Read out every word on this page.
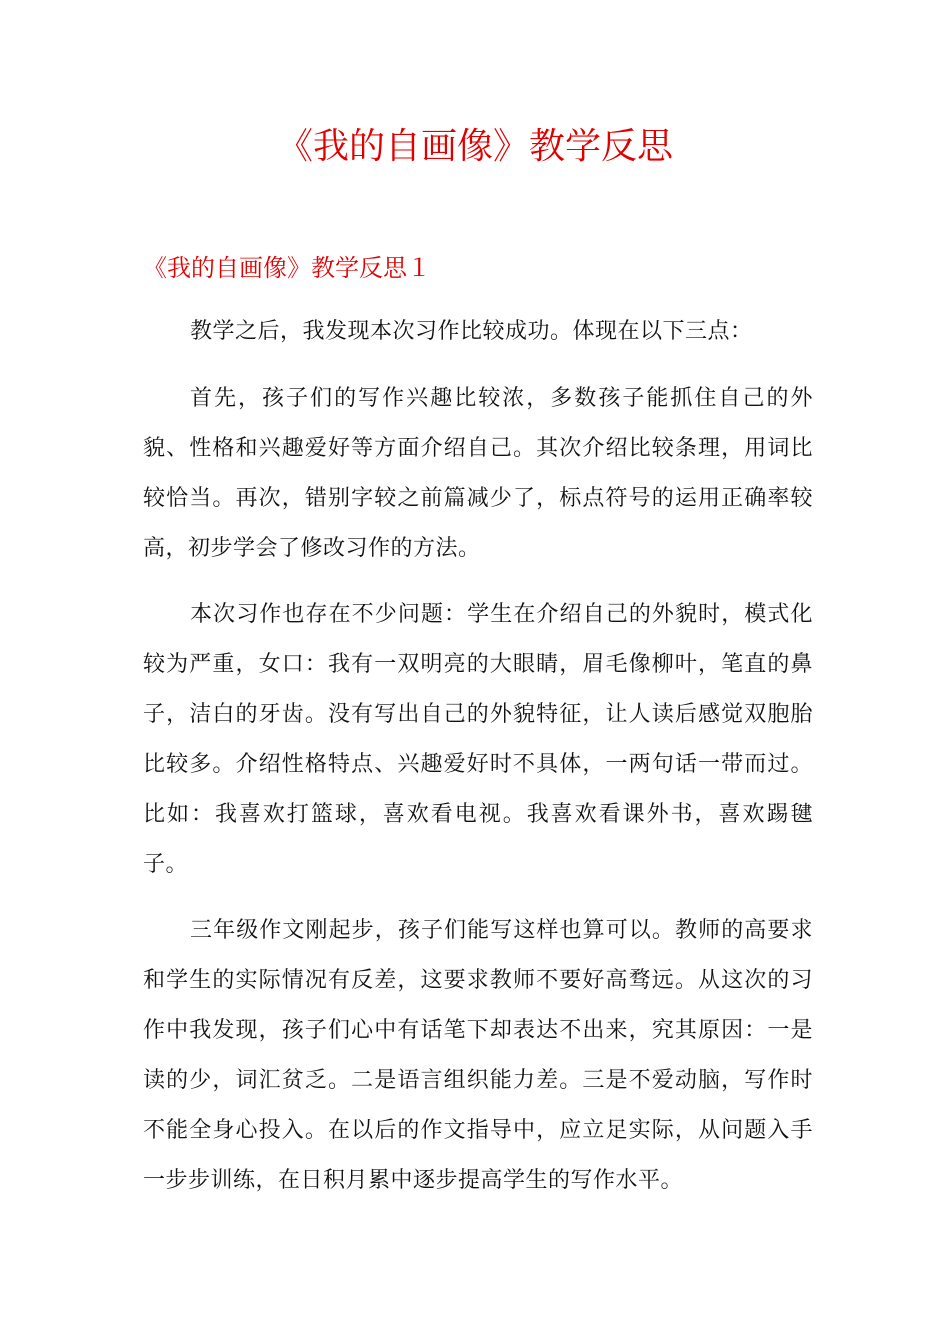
《我的自画像》教学反思
《我的自画像》教学反思１

教学之后，我发现本次习作比较成功。体现在以下三点：

首先，孩子们的写作兴趣比较浓，多数孩子能抓住自己的外貌、性格和兴趣爱好等方面介绍自己。其次介绍比较条理，用词比较恰当。再次，错别字较之前篇减少了，标点符号的运用正确率较高，初步学会了修改习作的方法。

本次习作也存在不少问题：学生在介绍自己的外貌时，模式化较为严重，女口：我有一双明亮的大眼睛，眉毛像柳叶，笔直的鼻子，洁白的牙齿。没有写出自己的外貌特征，让人读后感觉双胞胎比较多。介绍性格特点、兴趣爱好时不具体，一两句话一带而过。比如：我喜欢打篮球，喜欢看电视。我喜欢看课外书，喜欢踢毽子。

三年级作文刚起步，孩子们能写这样也算可以。教师的高要求和学生的实际情况有反差，这要求教师不要好高骛远。从这次的习作中我发现，孩子们心中有话笔下却表达不出来，究其原因：一是读的少，词汇贫乏。二是语言组织能力差。三是不爱动脑，写作时不能全身心投入。在以后的作文指导中，应立足实际，从问题入手一步步训练，在日积月累中逐步提高学生的写作水平。
